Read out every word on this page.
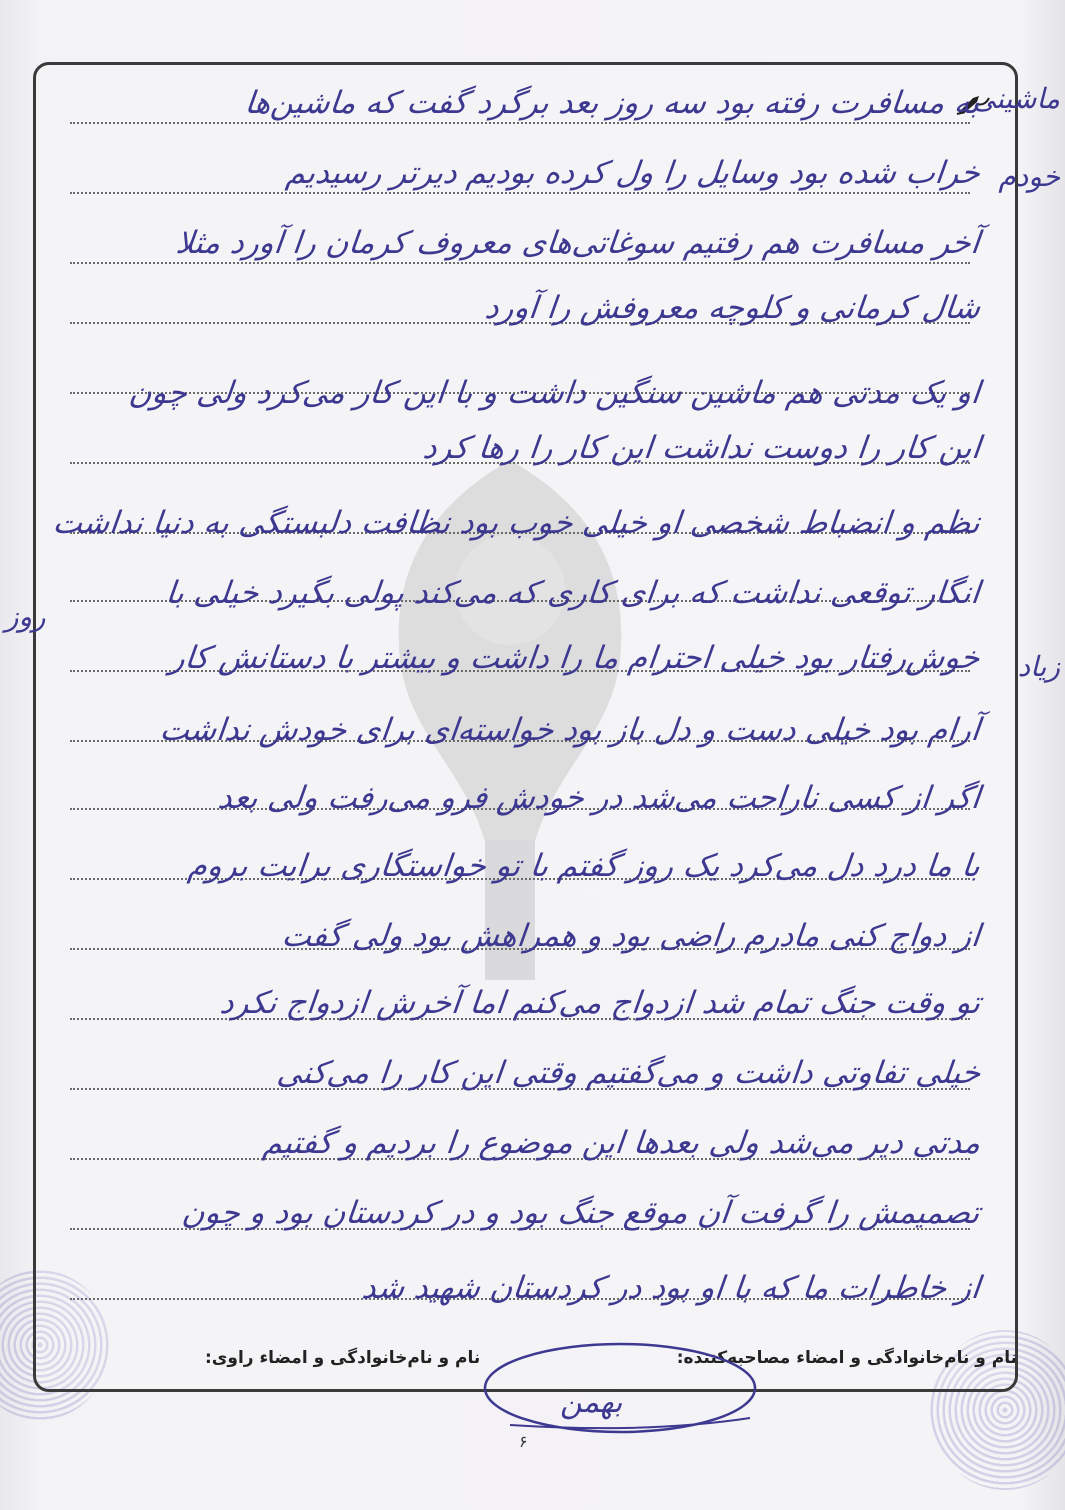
به مسافرت رفته بود سه روز بعد برگرد گفت که ماشین‌ها
خراب شده بود وسایل را ول کرده بودیم دیرتر رسیدیم
آخر مسافرت هم رفتیم سوغاتی‌های معروف کرمان را آورد مثلا
شال کرمانی و کلوچه معروفش را آورد
او یک مدتی هم ماشین سنگین داشت و با این کار می‌کرد ولی چون
این کار را دوست نداشت این کار را رها کرد
نظم و انضباط شخصی او خیلی خوب بود نظافت دلبستگی به دنیا نداشت
انگار توقعی نداشت که برای کاری که می‌کند پولی بگیرد خیلی با
خوش‌رفتار بود خیلی احترام ما را داشت و بیشتر با دستانش کار
آرام بود خیلی دست و دل باز بود خواسته‌ای برای خودش نداشت
اگر از کسی ناراحت می‌شد در خودش فرو می‌رفت ولی بعد
با ما درد دل می‌کرد یک روز گفتم با تو خواستگاری برایت بروم
از دواج کنی مادرم راضی بود و همراهش بود ولی گفت
تو وقت جنگ تمام شد ازدواج می‌کنم اما آخرش ازدواج نکرد
خیلی تفاوتی داشت و می‌گفتیم وقتی این کار را می‌کنی
مدتی دیر می‌شد ولی بعدها این موضوع را بردیم و گفتیم
تصمیمش را گرفت آن موقع جنگ بود و در کردستان بود و چون
از خاطرات ما که با او بود در کردستان شهید شد
ماشینی
خودم
روز
زیاد
نام و نام‌خانوادگی و امضاء مصاحبه‌کننده:
نام و نام‌خانوادگی و امضاء راوی:
بهمن
۶
